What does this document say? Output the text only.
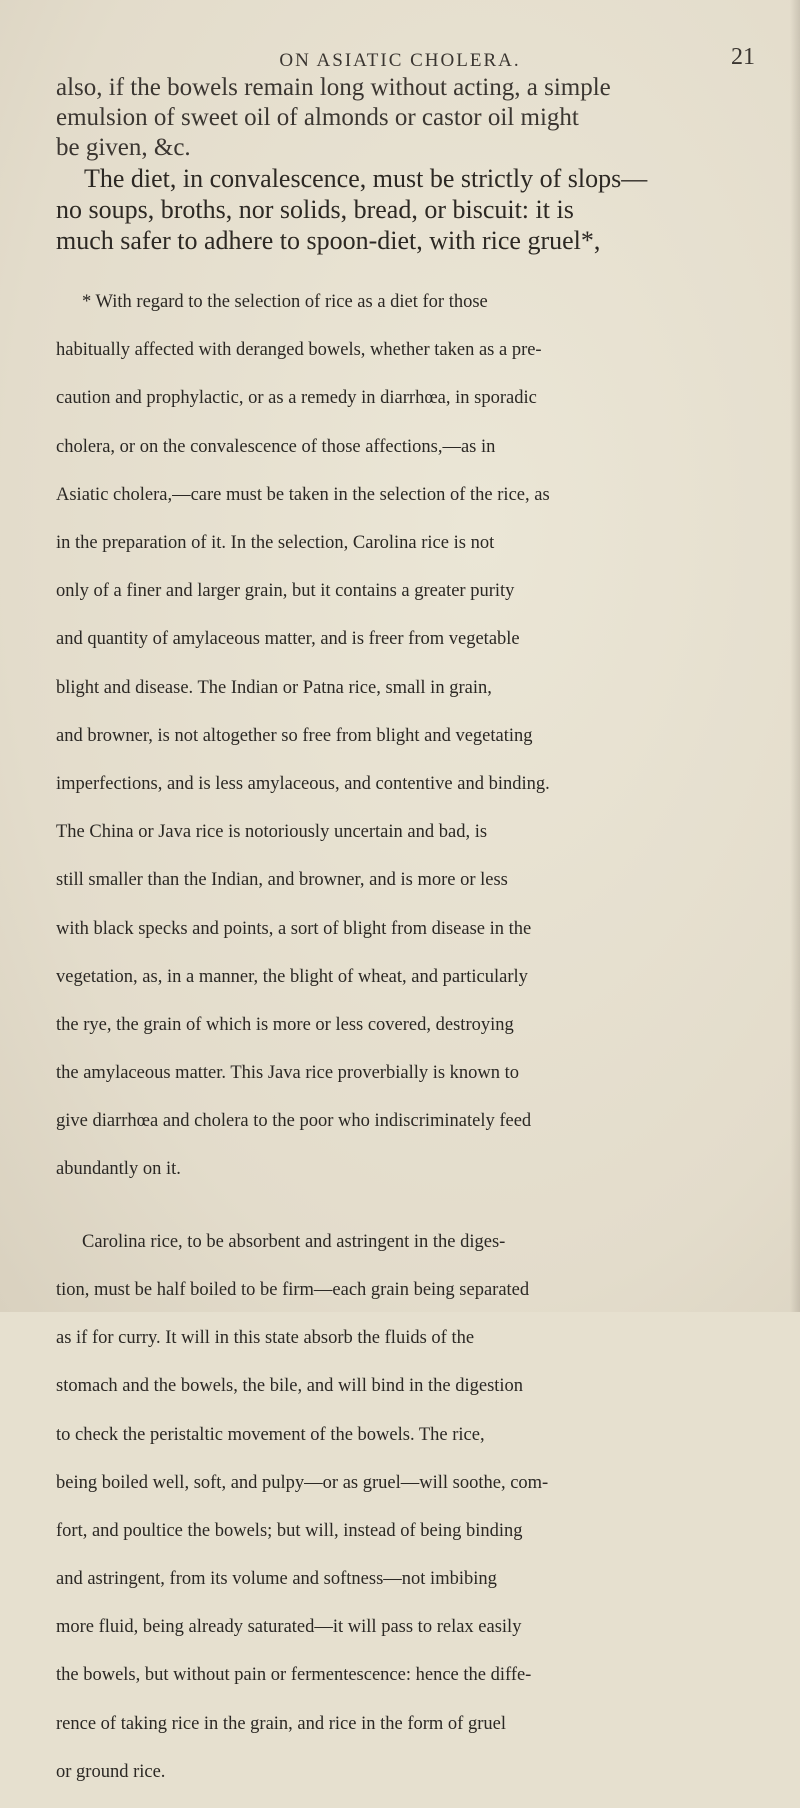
ON ASIATIC CHOLERA.	21

also, if the bowels remain long without acting, a simple
emulsion of sweet oil of almonds or castor oil might
be given, &c.

The diet, in convalescence, must be strictly of slops—
no soups, broths, nor solids, bread, or biscuit: it is
much safer to adhere to spoon-diet, with rice gruel*,

* With regard to the selection of rice as a diet for those

habitually affected with deranged bowels, whether taken as a pre-

caution and prophylactic, or as a remedy in diarrhœa, in sporadic

cholera, or on the convalescence of those affections,—as in

Asiatic cholera,—care must be taken in the selection of the rice, as

in the preparation of it. In the selection, Carolina rice is not

only of a finer and larger grain, but it contains a greater purity

and quantity of amylaceous matter, and is freer from vegetable

blight and disease. The Indian or Patna rice, small in grain,

and browner, is not altogether so free from blight and vegetating

imperfections, and is less amylaceous, and contentive and binding.

The China or Java rice is notoriously uncertain and bad, is

still smaller than the Indian, and browner, and is more or less

with black specks and points, a sort of blight from disease in the

vegetation, as, in a manner, the blight of wheat, and particularly

the rye, the grain of which is more or less covered, destroying

the amylaceous matter. This Java rice proverbially is known to

give diarrhœa and cholera to the poor who indiscriminately feed

abundantly on it.

Carolina rice, to be absorbent and astringent in the diges-

tion, must be half boiled to be firm—each grain being separated

as if for curry. It will in this state absorb the fluids of the

stomach and the bowels, the bile, and will bind in the digestion

to check the peristaltic movement of the bowels. The rice,

being boiled well, soft, and pulpy—or as gruel—will soothe, com-

fort, and poultice the bowels; but will, instead of being binding

and astringent, from its volume and softness—not imbibing

more fluid, being already saturated—it will pass to relax easily

the bowels, but without pain or fermentescence: hence the diffe-

rence of taking rice in the grain, and rice in the form of gruel

or ground rice.
